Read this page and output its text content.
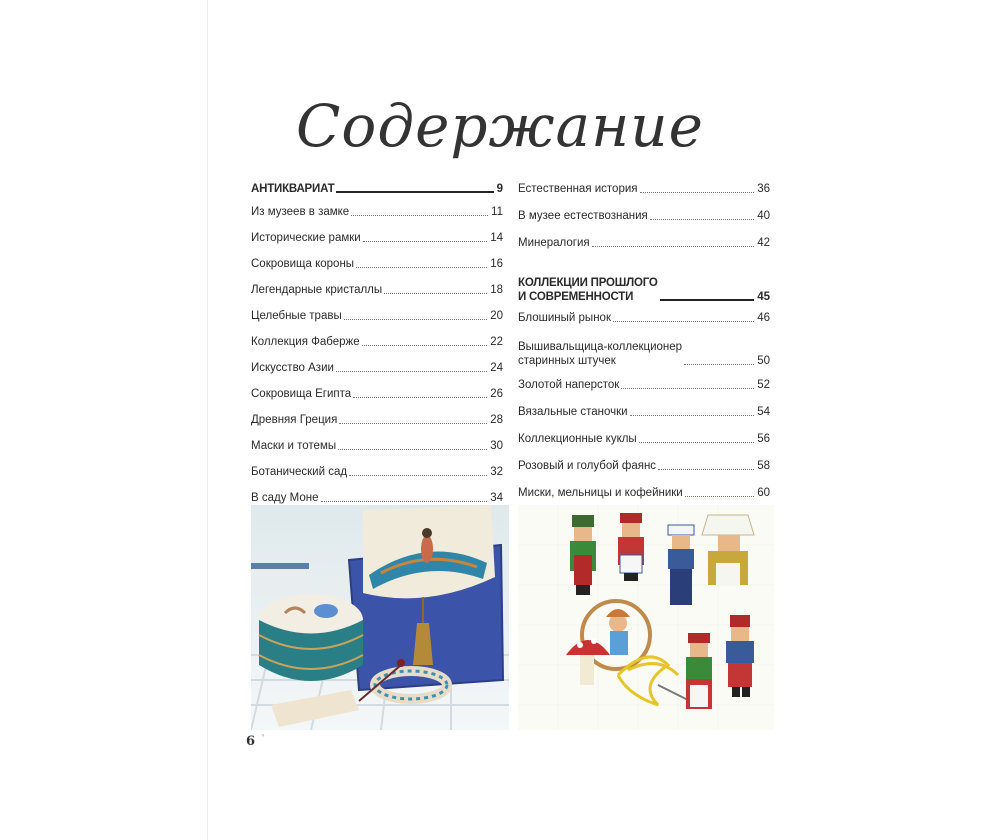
Содержание
АНТИКВАРИАТ	9
Из музеев в замке	11
Исторические рамки	14
Сокровища короны	16
Легендарные кристаллы	18
Целебные травы	20
Коллекция Фаберже	22
Искусство Азии	24
Сокровища Египта	26
Древняя Греция	28
Маски и тотемы	30
Ботанический сад	32
В саду Моне	34
Естественная история	36
В музее естествознания	40
Минералогия	42
КОЛЛЕКЦИИ ПРОШЛОГО
И СОВРЕМЕННОСТИ	45
Блошиный рынок	46
Вышивальщица-коллекционер
старинных штучек	50
Золотой наперсток	52
Вязальные станочки	54
Коллекционные куклы	56
Розовый и голубой фаянс	58
Миски, мельницы и кофейники	60
6 ʹ
